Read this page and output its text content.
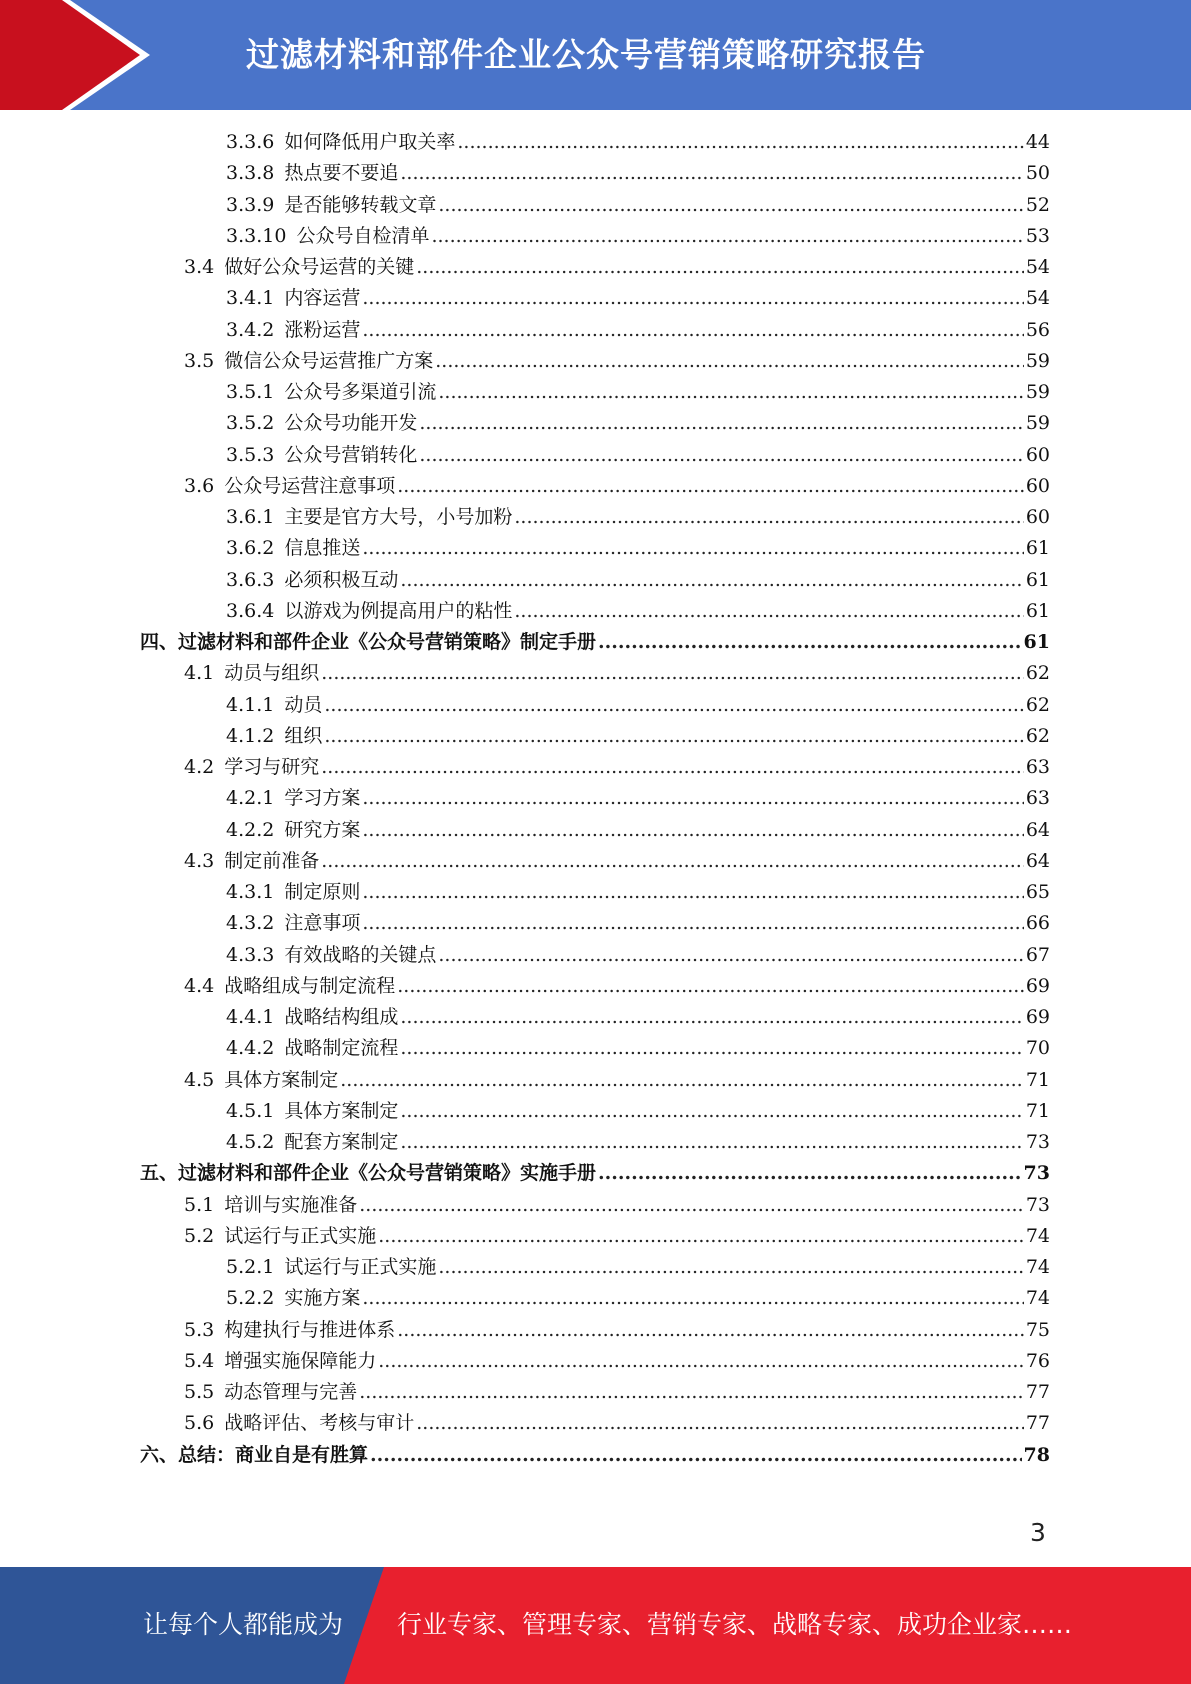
过滤材料和部件企业公众号营销策略研究报告
3.3.6 如何降低用户取关率 .....	44
3.3.8 热点要不要追 .....	50
3.3.9 是否能够转载文章 .....	52
3.3.10 公众号自检清单 .....	53
3.4 做好公众号运营的关键 .....	54
3.4.1 内容运营 .....	54
3.4.2 涨粉运营 .....	56
3.5 微信公众号运营推广方案 .....	59
3.5.1 公众号多渠道引流 .....	59
3.5.2 公众号功能开发 .....	59
3.5.3 公众号营销转化 .....	60
3.6 公众号运营注意事项 .....	60
3.6.1 主要是官方大号，小号加粉 .....	60
3.6.2 信息推送 .....	61
3.6.3 必须积极互动 .....	61
3.6.4 以游戏为例提高用户的粘性 .....	61
四、过滤材料和部件企业《公众号营销策略》制定手册 .....	61
4.1 动员与组织 .....	62
4.1.1 动员 .....	62
4.1.2 组织 .....	62
4.2 学习与研究 .....	63
4.2.1 学习方案 .....	63
4.2.2 研究方案 .....	64
4.3 制定前准备 .....	64
4.3.1 制定原则 .....	65
4.3.2 注意事项 .....	66
4.3.3 有效战略的关键点 .....	67
4.4 战略组成与制定流程 .....	69
4.4.1 战略结构组成 .....	69
4.4.2 战略制定流程 .....	70
4.5 具体方案制定 .....	71
4.5.1 具体方案制定 .....	71
4.5.2 配套方案制定 .....	73
五、过滤材料和部件企业《公众号营销策略》实施手册 .....	73
5.1 培训与实施准备 .....	73
5.2 试运行与正式实施 .....	74
5.2.1 试运行与正式实施 .....	74
5.2.2 实施方案 .....	74
5.3 构建执行与推进体系 .....	75
5.4 增强实施保障能力 .....	76
5.5 动态管理与完善 .....	77
5.6 战略评估、考核与审计 .....	77
六、总结：商业自是有胜算 .....	78
3
让每个人都能成为 行业专家、管理专家、营销专家、战略专家、成功企业家……
